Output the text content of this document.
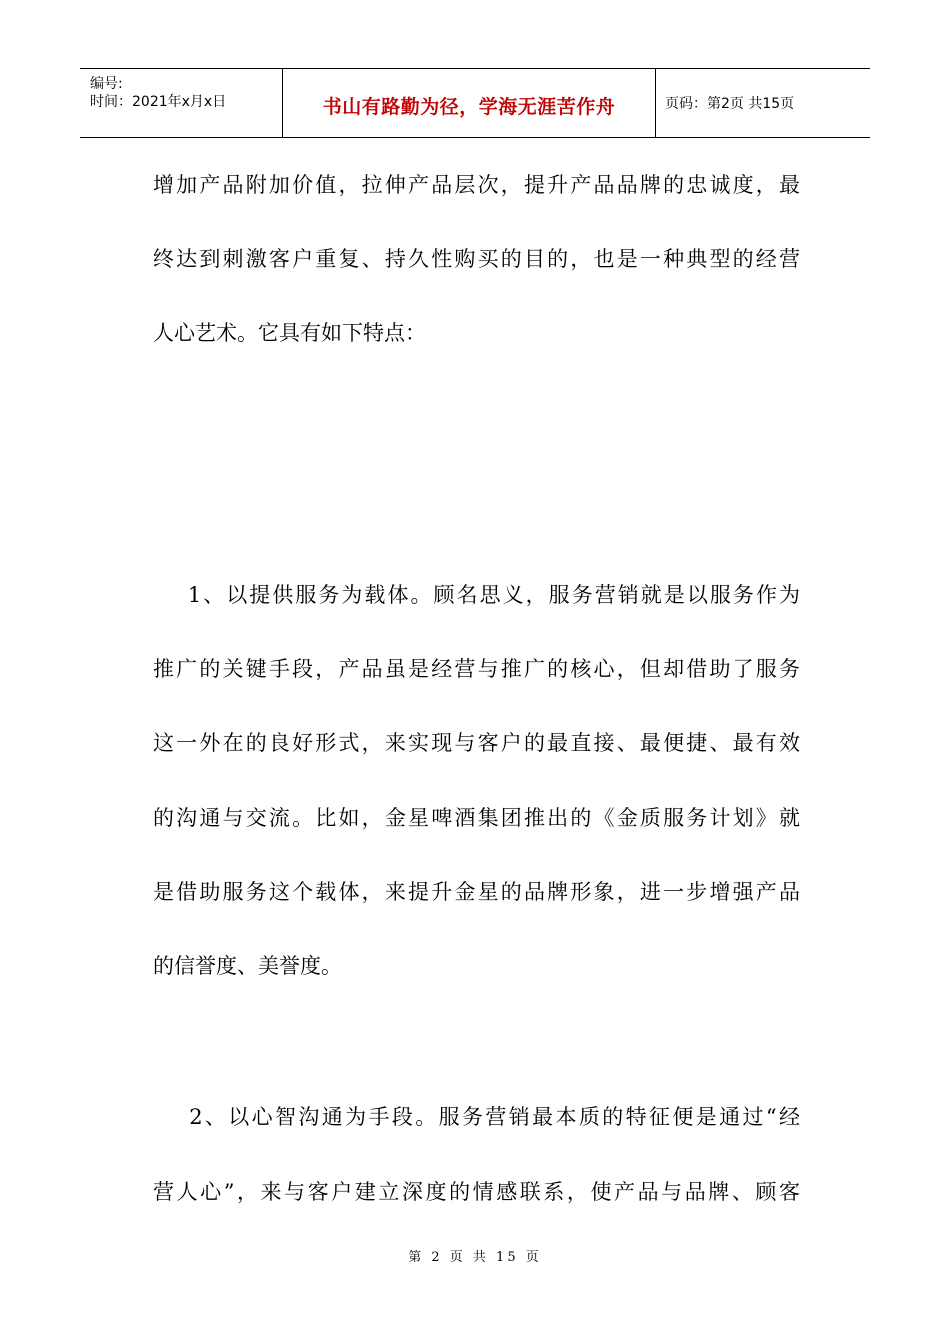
编号:
时间：2021年x月x日	书山有路勤为径，学海无涯苦作舟	页码：第2页 共15页
增加产品附加价值，拉伸产品层次，提升产品品牌的忠诚度，最
终达到刺激客户重复、持久性购买的目的，也是一种典型的经营
人心艺术。它具有如下特点：
1、以提供服务为载体。顾名思义，服务营销就是以服务作为
推广的关键手段，产品虽是经营与推广的核心，但却借助了服务
这一外在的良好形式，来实现与客户的最直接、最便捷、最有效
的沟通与交流。比如，金星啤酒集团推出的《金质服务计划》就
是借助服务这个载体，来提升金星的品牌形象，进一步增强产品
的信誉度、美誉度。
2、以心智沟通为手段。服务营销最本质的特征便是通过“经
营人心”，来与客户建立深度的情感联系，使产品与品牌、顾客
第 2 页 共 15 页
